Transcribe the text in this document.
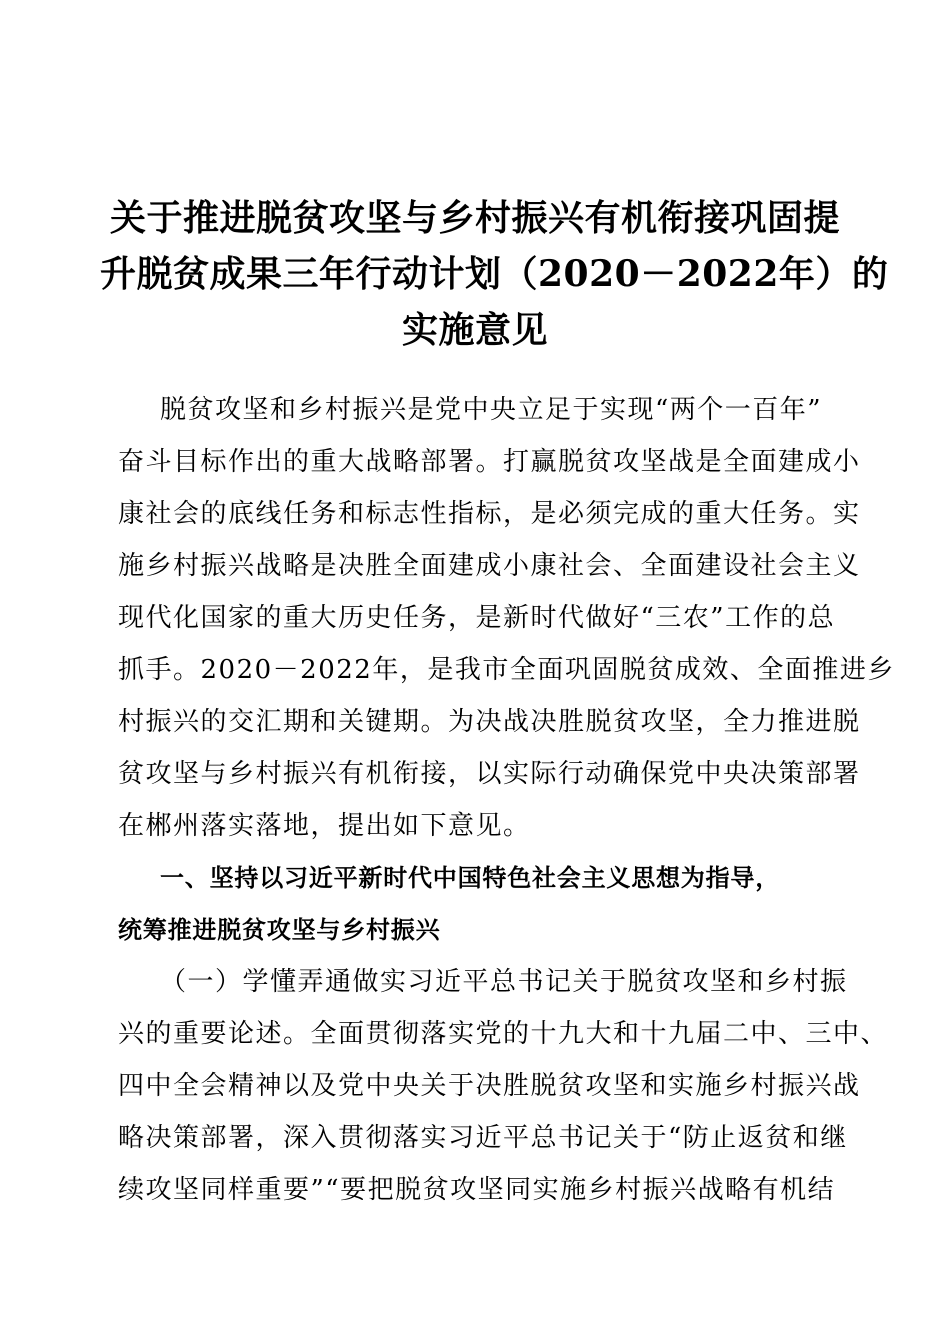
关于推进脱贫攻坚与乡村振兴有机衔接巩固提
升脱贫成果三年行动计划（2020－2022年）的
实施意见
脱贫攻坚和乡村振兴是党中央立足于实现“两个一百年”
奋斗目标作出的重大战略部署。打赢脱贫攻坚战是全面建成小
康社会的底线任务和标志性指标，是必须完成的重大任务。实
施乡村振兴战略是决胜全面建成小康社会、全面建设社会主义
现代化国家的重大历史任务，是新时代做好“三农”工作的总
抓手。2020－2022年，是我市全面巩固脱贫成效、全面推进乡
村振兴的交汇期和关键期。为决战决胜脱贫攻坚，全力推进脱
贫攻坚与乡村振兴有机衔接，以实际行动确保党中央决策部署
在郴州落实落地，提出如下意见。
一、坚持以习近平新时代中国特色社会主义思想为指导，
统筹推进脱贫攻坚与乡村振兴
（一）学懂弄通做实习近平总书记关于脱贫攻坚和乡村振
兴的重要论述。全面贯彻落实党的十九大和十九届二中、三中、
四中全会精神以及党中央关于决胜脱贫攻坚和实施乡村振兴战
略决策部署，深入贯彻落实习近平总书记关于“防止返贫和继
续攻坚同样重要”“要把脱贫攻坚同实施乡村振兴战略有机结
